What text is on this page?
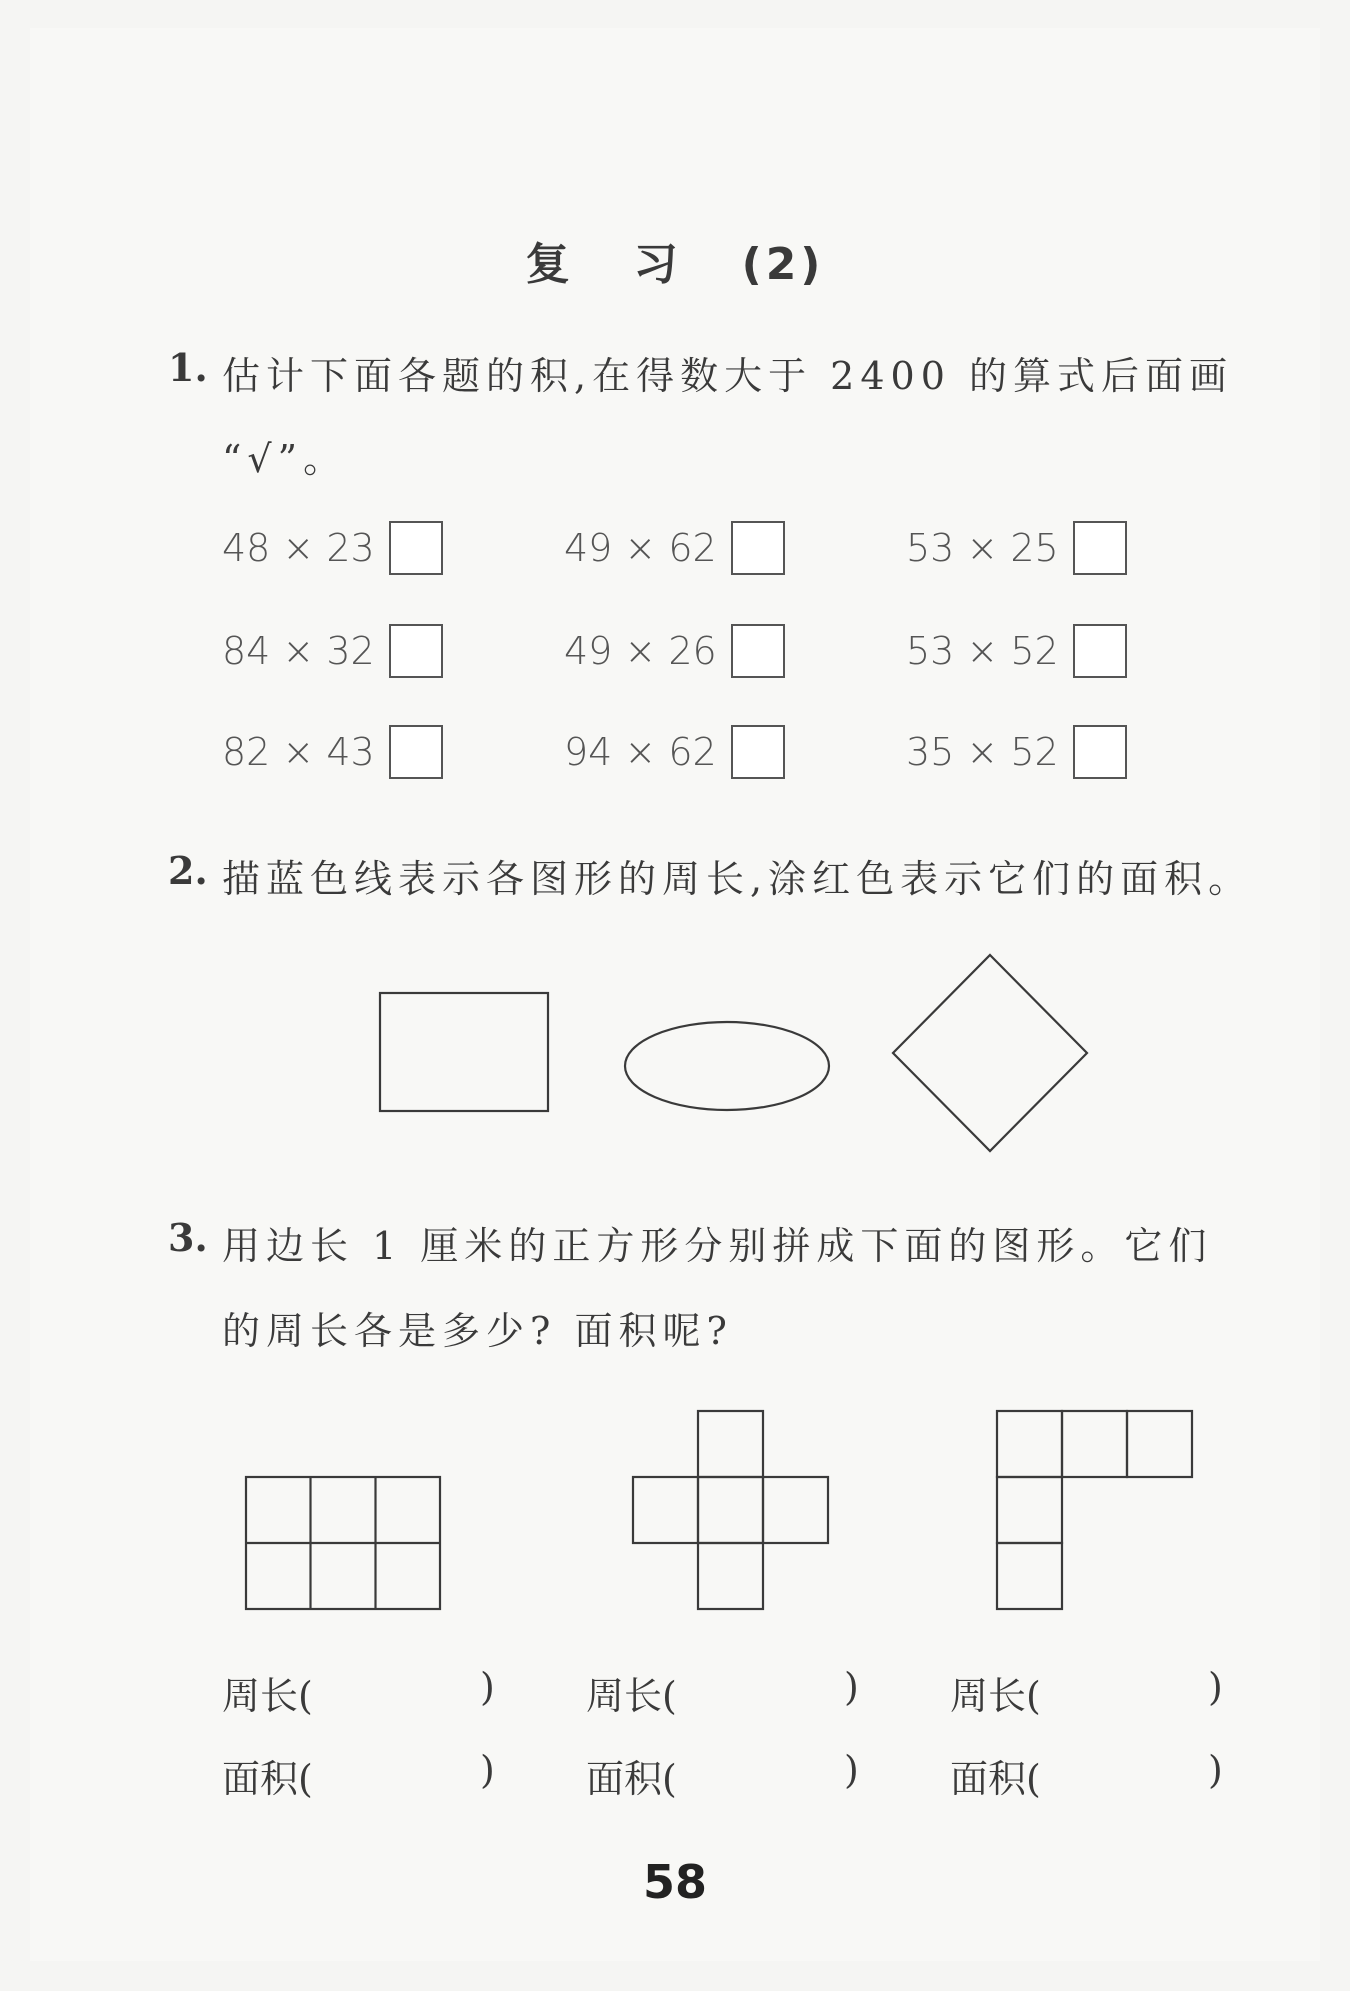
复 习 (2)
1. 估计下面各题的积,在得数大于 2400 的算式后面画
“√”。
48 × 23	49 × 62	53 × 25
84 × 32	49 × 26	53 × 52
82 × 43	94 × 62	35 × 52
2. 描蓝色线表示各图形的周长,涂红色表示它们的面积。
3. 用边长 1 厘米的正方形分别拼成下面的图形。它们
的周长各是多少? 面积呢?
周长(	) 周长(	) 周长(	)
面积(	) 面积(	) 面积(	)
58
